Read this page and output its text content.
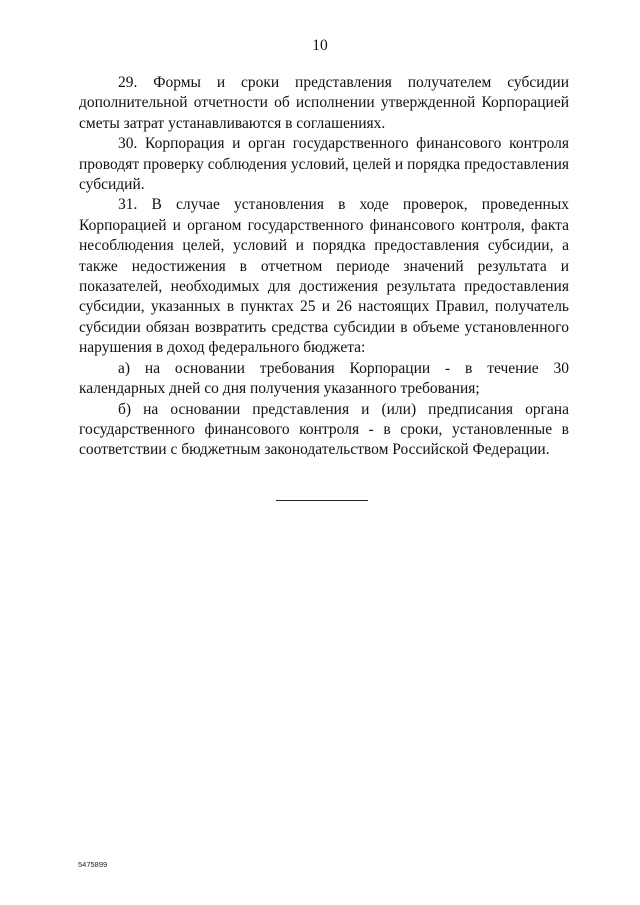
10

29. Формы и сроки представления получателем субсидии дополнительной отчетности об исполнении утвержденной Корпорацией сметы затрат устанавливаются в соглашениях.

30. Корпорация и орган государственного финансового контроля проводят проверку соблюдения условий, целей и порядка предоставления субсидий.

31. В случае установления в ходе проверок, проведенных Корпорацией и органом государственного финансового контроля, факта несоблюдения целей, условий и порядка предоставления субсидии, а также недостижения в отчетном периоде значений результата и показателей, необходимых для достижения результата предоставления субсидии, указанных в пунктах 25 и 26 настоящих Правил, получатель субсидии обязан возвратить средства субсидии в объеме установленного нарушения в доход федерального бюджета:

а) на основании требования Корпорации - в течение 30 календарных дней со дня получения указанного требования;

б) на основании представления и (или) предписания органа государственного финансового контроля - в сроки, установленные в соответствии с бюджетным законодательством Российской Федерации.

5475899
